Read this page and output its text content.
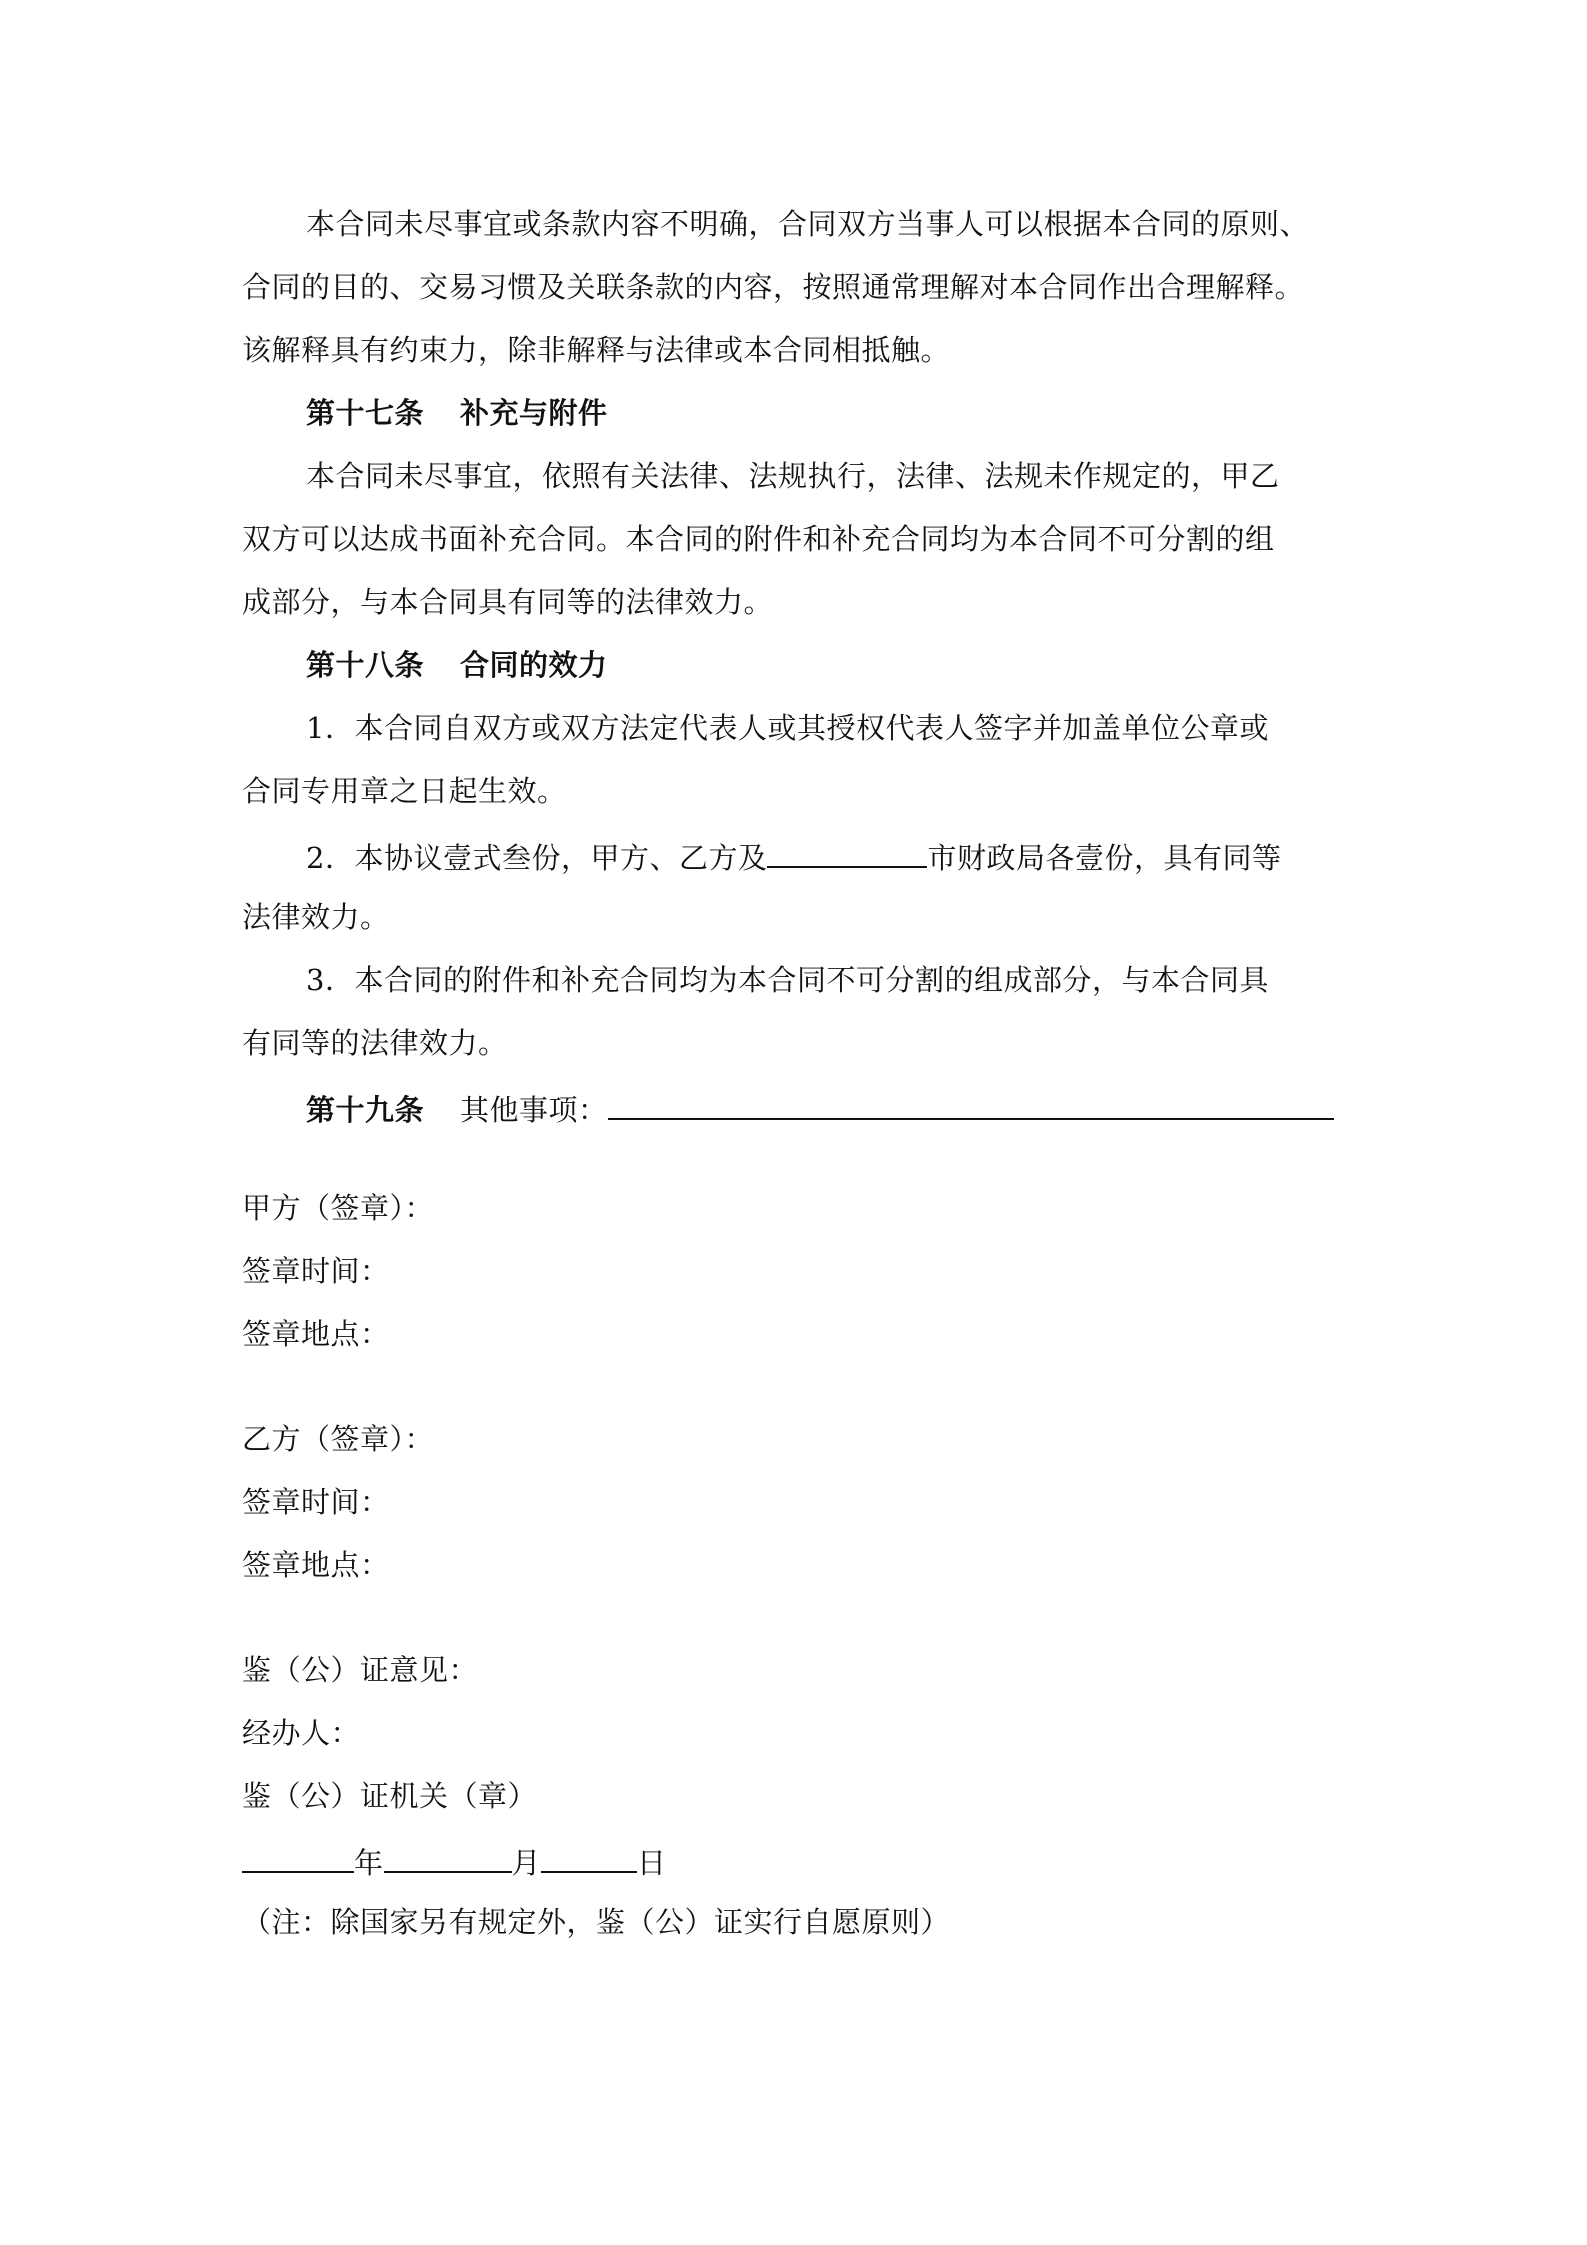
本合同未尽事宜或条款内容不明确，合同双方当事人可以根据本合同的原则、
合同的目的、交易习惯及关联条款的内容，按照通常理解对本合同作出合理解释。
该解释具有约束力，除非解释与法律或本合同相抵触。
第十七条 补充与附件
本合同未尽事宜，依照有关法律、法规执行，法律、法规未作规定的，甲乙
双方可以达成书面补充合同。本合同的附件和补充合同均为本合同不可分割的组
成部分，与本合同具有同等的法律效力。
第十八条 合同的效力
1．本合同自双方或双方法定代表人或其授权代表人签字并加盖单位公章或
合同专用章之日起生效。
2．本协议壹式叁份，甲方、乙方及	市财政局各壹份，具有同等
法律效力。
3．本合同的附件和补充合同均为本合同不可分割的组成部分，与本合同具
有同等的法律效力。
第十九条 其他事项：
甲方（签章）：
签章时间：
签章地点：
乙方（签章）：
签章时间：
签章地点：
鉴（公）证意见：
经办人：
鉴（公）证机关（章）
年	月	日
（注：除国家另有规定外，鉴（公）证实行自愿原则）
